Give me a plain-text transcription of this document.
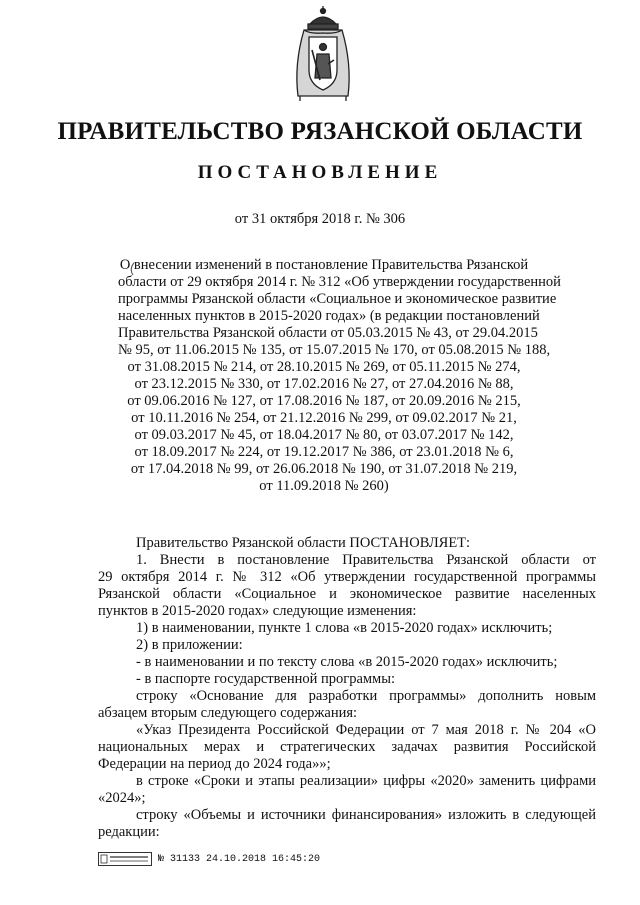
ПРАВИТЕЛЬСТВО РЯЗАНСКОЙ ОБЛАСТИ
ПОСТАНОВЛЕНИЕ
от 31 октября 2018 г. № 306
О внесении изменений в постановление Правительства Рязанской
области от 29 октября 2014 г. № 312 «Об утверждении государственной
программы Рязанской области «Социальное и экономическое развитие
населенных пунктов в 2015-2020 годах» (в редакции постановлений
Правительства Рязанской области от 05.03.2015 № 43, от 29.04.2015
№ 95, от 11.06.2015 № 135, от 15.07.2015 № 170, от 05.08.2015 № 188,
от 31.08.2015 № 214, от 28.10.2015 № 269, от 05.11.2015 № 274,
от 23.12.2015 № 330, от 17.02.2016 № 27, от 27.04.2016 № 88,
от 09.06.2016 № 127, от 17.08.2016 № 187, от 20.09.2016 № 215,
от 10.11.2016 № 254, от 21.12.2016 № 299, от 09.02.2017 № 21,
от 09.03.2017 № 45, от 18.04.2017 № 80, от 03.07.2017 № 142,
от 18.09.2017 № 224, от 19.12.2017 № 386, от 23.01.2018 № 6,
от 17.04.2018 № 99, от 26.06.2018 № 190, от 31.07.2018 № 219,
от 11.09.2018 № 260)
Правительство Рязанской области ПОСТАНОВЛЯЕТ:
1. Внести в постановление Правительства Рязанской области от
29 октября 2014 г. № 312 «Об утверждении государственной программы
Рязанской области «Социальное и экономическое развитие населенных
пунктов в 2015-2020 годах» следующие изменения:
1) в наименовании, пункте 1 слова «в 2015-2020 годах» исключить;
2) в приложении:
- в наименовании и по тексту слова «в 2015-2020 годах» исключить;
- в паспорте государственной программы:
строку «Основание для разработки программы» дополнить новым
абзацем вторым следующего содержания:
«Указ Президента Российской Федерации от 7 мая 2018 г. № 204 «О
национальных мерах и стратегических задачах развития Российской
Федерации на период до 2024 года»»;
в строке «Сроки и этапы реализации» цифры «2020» заменить цифрами
«2024»;
строку «Объемы и источники финансирования» изложить в следующей
редакции:
№ 31133 24.10.2018 16:45:20
